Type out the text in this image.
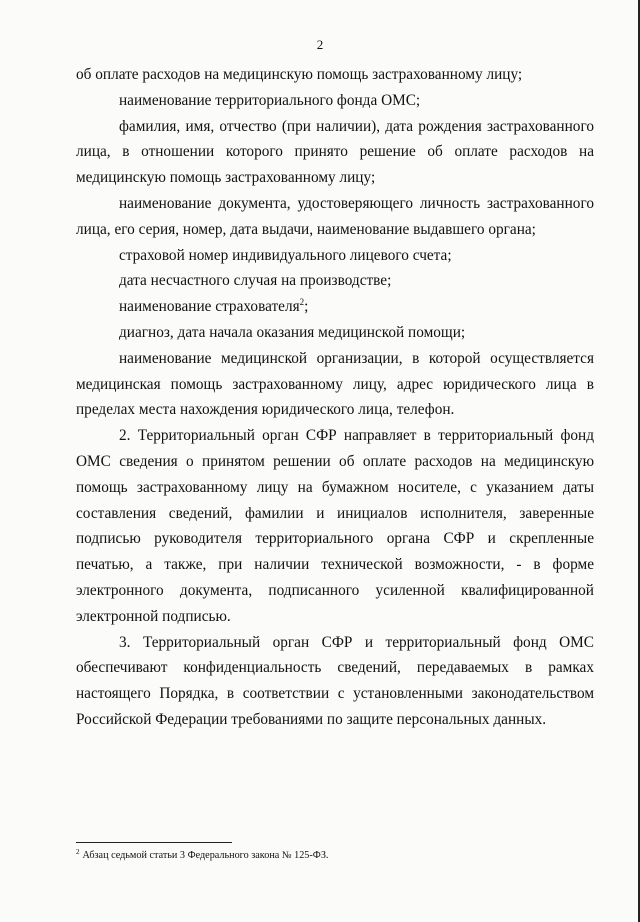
2

об оплате расходов на медицинскую помощь застрахованному лицу;

наименование территориального фонда ОМС;

фамилия, имя, отчество (при наличии), дата рождения застрахованного лица, в отношении которого принято решение об оплате расходов на медицинскую помощь застрахованному лицу;

наименование документа, удостоверяющего личность застрахованного лица, его серия, номер, дата выдачи, наименование выдавшего органа;

страховой номер индивидуального лицевого счета;

дата несчастного случая на производстве;

наименование страхователя$^2$;

диагноз, дата начала оказания медицинской помощи;

наименование медицинской организации, в которой осуществляется медицинская помощь застрахованному лицу, адрес юридического лица в пределах места нахождения юридического лица, телефон.

2. Территориальный орган СФР направляет в территориальный фонд ОМС сведения о принятом решении об оплате расходов на медицинскую помощь застрахованному лицу на бумажном носителе, с указанием даты составления сведений, фамилии и инициалов исполнителя, заверенные подписью руководителя территориального органа СФР и скрепленные печатью, а также, при наличии технической возможности, - в форме электронного документа, подписанного усиленной квалифицированной электронной подписью.

3. Территориальный орган СФР и территориальный фонд ОМС обеспечивают конфиденциальность сведений, передаваемых в рамках настоящего Порядка, в соответствии с установленными законодательством Российской Федерации требованиями по защите персональных данных.

$^2$ Абзац седьмой статьи 3 Федерального закона № 125-ФЗ.
